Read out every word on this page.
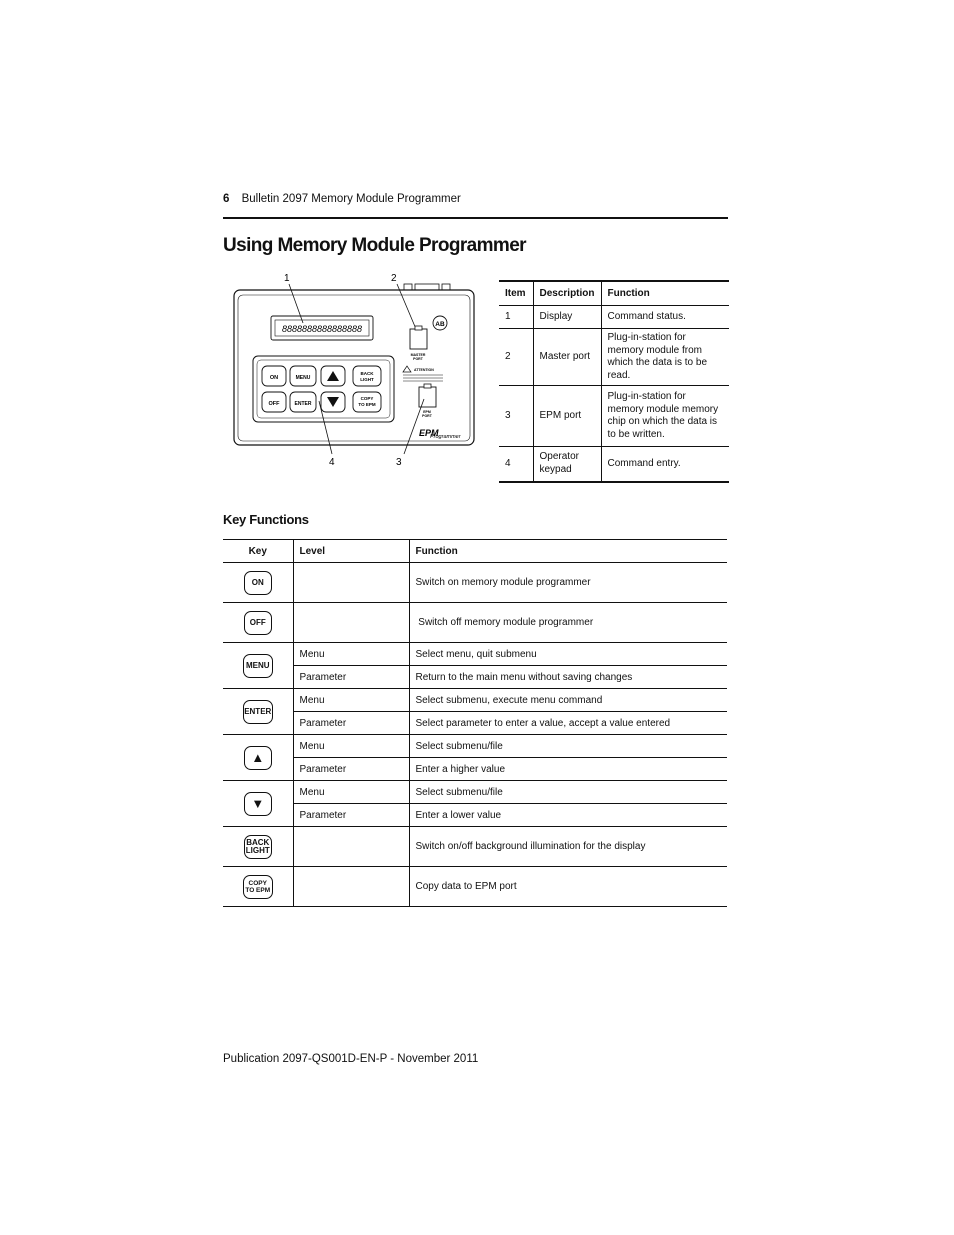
6 Bulletin 2097 Memory Module Programmer
Using Memory Module Programmer
1	2
3
4
8888888888888888	AB
MASTER
PORT
ATTENTION
EPM
PORT
ON	MENU
BACK
LIGHT
OFF	ENTER
COPY
TO EPM
EPM
Programmer
Item	Description	Function
1	Display	Command status.
2	Master port	Plug-in-station for memory module from which the data is to be read.
3	EPM port	Plug-in-station for memory module memory chip on which the data is to be written.
4	Operator keypad	Command entry.
Key Functions
Key	Level	Function
ON		Switch on memory module programmer
OFF		Switch off memory module programmer
MENU	Menu	Select menu, quit submenu
	Parameter	Return to the main menu without saving changes
ENTER	Menu	Select submenu, execute menu command
	Parameter	Select parameter to enter a value, accept a value entered

▲	Menu	Select submenu/file
	Parameter	Enter a higher value

▼	Menu	Select submenu/file
	Parameter	Enter a lower value

BACK
LIGHT		Switch on/off background illumination for the display

COPY
TO EPM		Copy data to EPM port
Publication 2097-QS001D-EN-P - November 2011
